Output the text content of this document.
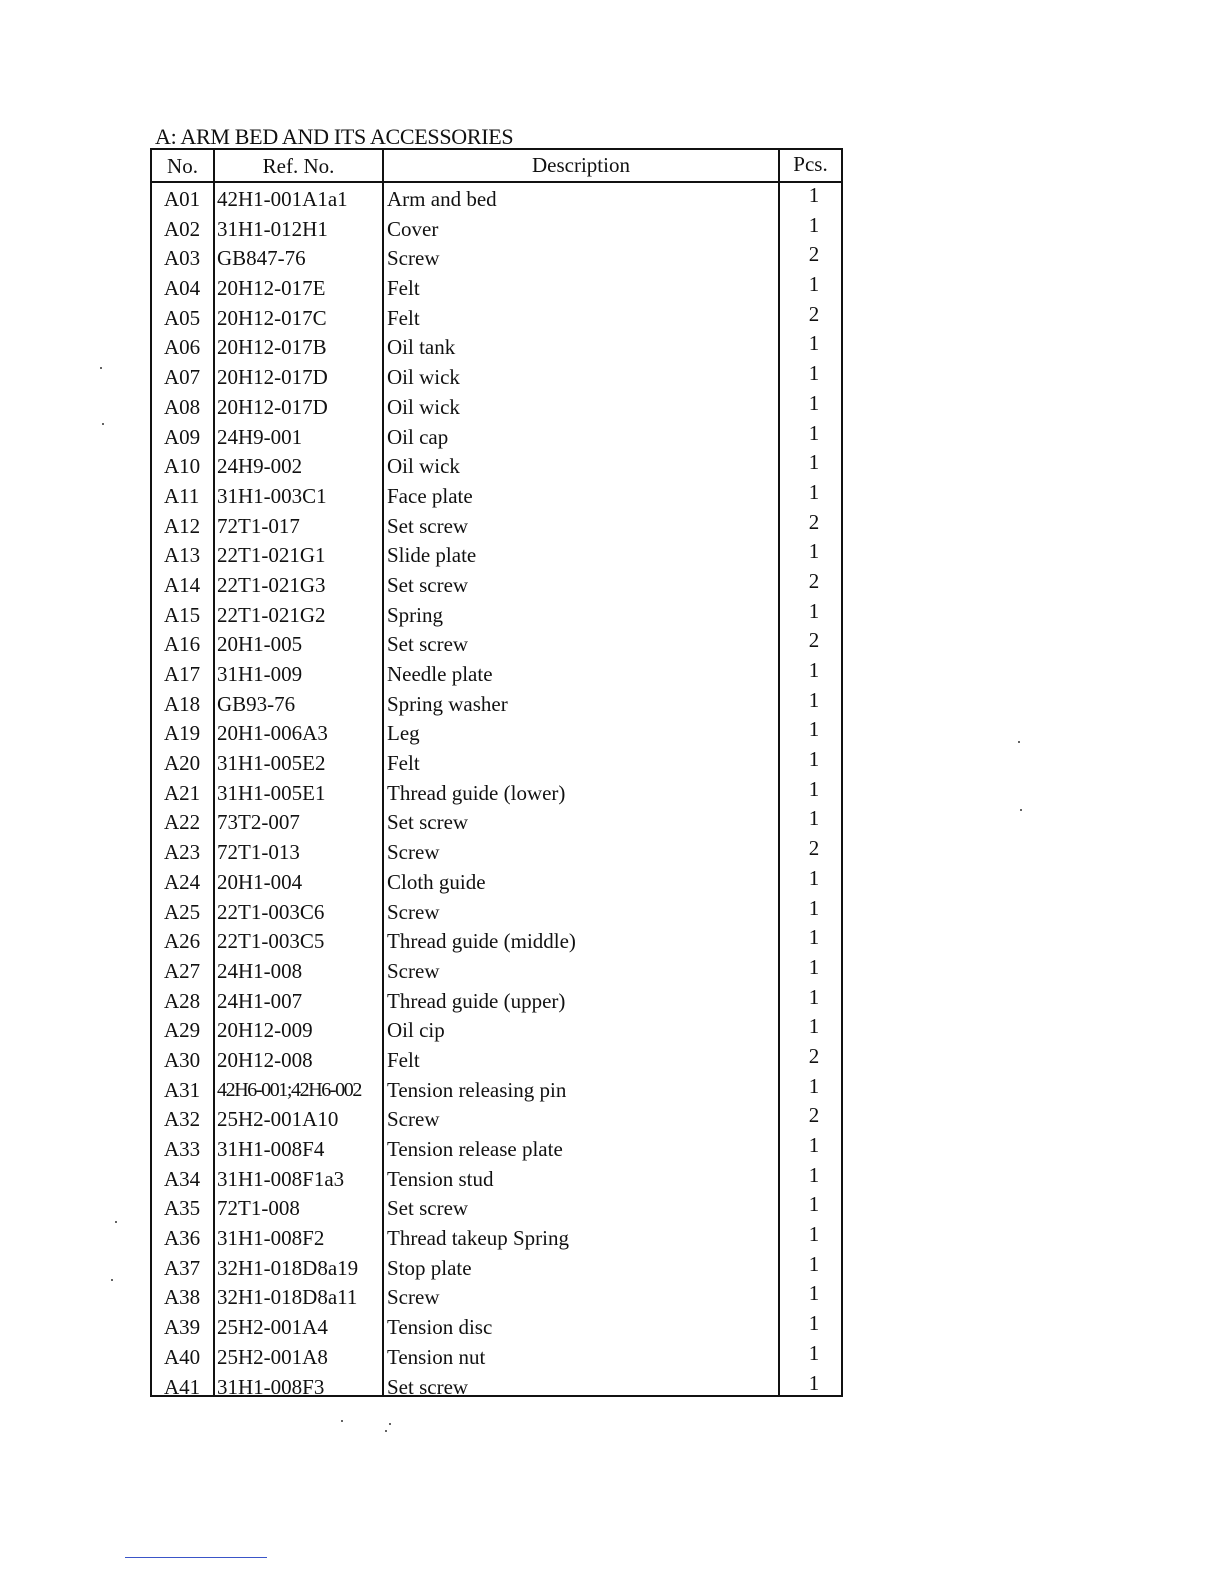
A: ARM BED AND ITS ACCESSORIES
No.	Ref. No.	Description	Pcs.
A01 42H1-001A1a1	Arm and bed	1
A02 31H1-012H1	Cover	1
A03 GB847-76	Screw	2
A04 20H12-017E	Felt	1
A05 20H12-017C	Felt	2
A06 20H12-017B	Oil tank	1
A07 20H12-017D	Oil wick	1
A08 20H12-017D	Oil wick	1
A09 24H9-001	Oil cap	1
A10 24H9-002	Oil wick	1
A11 31H1-003C1	Face plate	1
A12 72T1-017	Set screw	2
A13 22T1-021G1	Slide plate	1
A14 22T1-021G3	Set screw	2
A15 22T1-021G2	Spring	1
A16 20H1-005	Set screw	2
A17 31H1-009	Needle plate	1
A18 GB93-76	Spring washer	1
A19 20H1-006A3	Leg	1
A20 31H1-005E2	Felt	1
A21 31H1-005E1	Thread guide (lower)	1
A22 73T2-007	Set screw	1
A23 72T1-013	Screw	2
A24 20H1-004	Cloth guide	1
A25 22T1-003C6	Screw	1
A26 22T1-003C5	Thread guide (middle)	1
A27 24H1-008	Screw	1
A28 24H1-007	Thread guide (upper)	1
A29 20H12-009	Oil cip	1
A30 20H12-008	Felt	2
A31 42H6-001;42H6-002	Tension releasing pin	1
A32 25H2-001A10	Screw	2
A33 31H1-008F4	Tension release plate	1
A34 31H1-008F1a3	Tension stud	1
A35 72T1-008	Set screw	1
A36 31H1-008F2	Thread takeup Spring	1
A37 32H1-018D8a19	Stop plate	1
A38 32H1-018D8a11	Screw	1
A39 25H2-001A4	Tension disc	1
A40 25H2-001A8	Tension nut	1
A41 31H1-008F3	Set screw	1
